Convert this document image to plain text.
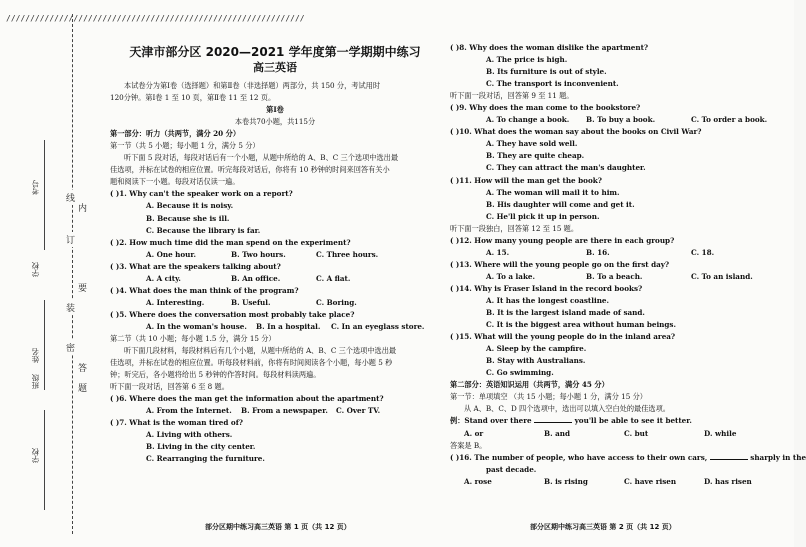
//////////////////////////////////////////////////////////////
线
订
装
密
内
要
答
题
考号
学校
姓名
班级
学校
天津市部分区 2020—2021 学年度第一学期期中练习
高三英语
本试卷分为第Ⅰ卷（选择题）和第Ⅱ卷（非选择题）两部分，共 150 分，考试用时
120分钟。第Ⅰ卷 1 至 10 页，第Ⅱ卷 11 至 12 页。
第Ⅰ卷
本卷共70小题，共115分
第一部分：听力（共两节，满分 20 分）
第一节（共 5 小题；每小题 1 分，满分 5 分）
听下面 5 段对话，每段对话后有一个小题，从题中所给的 A、B、C 三个选项中选出最
佳选项，并标在试卷的相应位置。听完每段对话后，你将有 10 秒钟的时间来回答有关小
题和阅读下一小题。每段对话仅读一遍。
( )1. Why can't the speaker work on a report?
A. Because it is noisy.
B. Because she is ill.
C. Because the library is far.
( )2. How much time did the man spend on the experiment?
A. One hour.	B. Two hours.	C. Three hours.
( )3. What are the speakers talking about?
A. A city.	B. An office.	C. A flat.
( )4. What does the man think of the program?
A. Interesting.	B. Useful.	C. Boring.
( )5. Where does the conversation most probably take place?
A. In the woman's house.	B. In a hospital.	C. In an eyeglass store.
第二节（共 10 小题；每小题 1.5 分，满分 15 分）
听下面几段材料，每段材料后有几个小题，从题中所给的 A、B、C 三个选项中选出最
佳选项，并标在试卷的相应位置。听每段材料前，你将有时间阅读各个小题，每小题 5 秒
钟；听完后，各小题将给出 5 秒钟的作答时间。每段材料读两遍。
听下面一段对话，回答第 6 至 8 题。
( )6. Where does the man get the information about the apartment?
A. From the Internet.	B. From a newspaper.	C. Over TV.
( )7. What is the woman tired of?
A. Living with others.
B. Living in the city center.
C. Rearranging the furniture.
( )8. Why does the woman dislike the apartment?
A. The price is high.
B. Its furniture is out of style.
C. The transport is inconvenient.
听下面一段对话，回答第 9 至 11 题。
( )9. Why does the man come to the bookstore?
A. To change a book.	B. To buy a book.	C. To order a book.
( )10. What does the woman say about the books on Civil War?
A. They have sold well.
B. They are quite cheap.
C. They can attract the man's daughter.
( )11. How will the man get the book?
A. The woman will mail it to him.
B. His daughter will come and get it.
C. He'll pick it up in person.
听下面一段独白，回答第 12 至 15 题。
( )12. How many young people are there in each group?
A. 15.	B. 16.	C. 18.
( )13. Where will the young people go on the first day?
A. To a lake.	B. To a beach.	C. To an island.
( )14. Why is Fraser Island in the record books?
A. It has the longest coastline.
B. It is the largest island made of sand.
C. It is the biggest area without human beings.
( )15. What will the young people do in the inland area?
A. Sleep by the campfire.
B. Stay with Australians.
C. Go swimming.
第二部分：英语知识运用（共两节，满分 45 分）
第一节：单项填空 （共 15 小题；每小题 1 分，满分 15 分）
从 A、B、C、D 四个选项中，选出可以填入空白处的最佳选项。
例：Stand over there	you'll be able to see it better.
A. or	B. and	C. but	D. while
答案是 B。
( )16. The number of people, who have access to their own cars,	sharply in the
past decade.
A. rose	B. is rising	C. have risen	D. has risen
部分区期中练习高三英语 第 1 页（共 12 页）	部分区期中练习高三英语 第 2 页（共 12 页）
